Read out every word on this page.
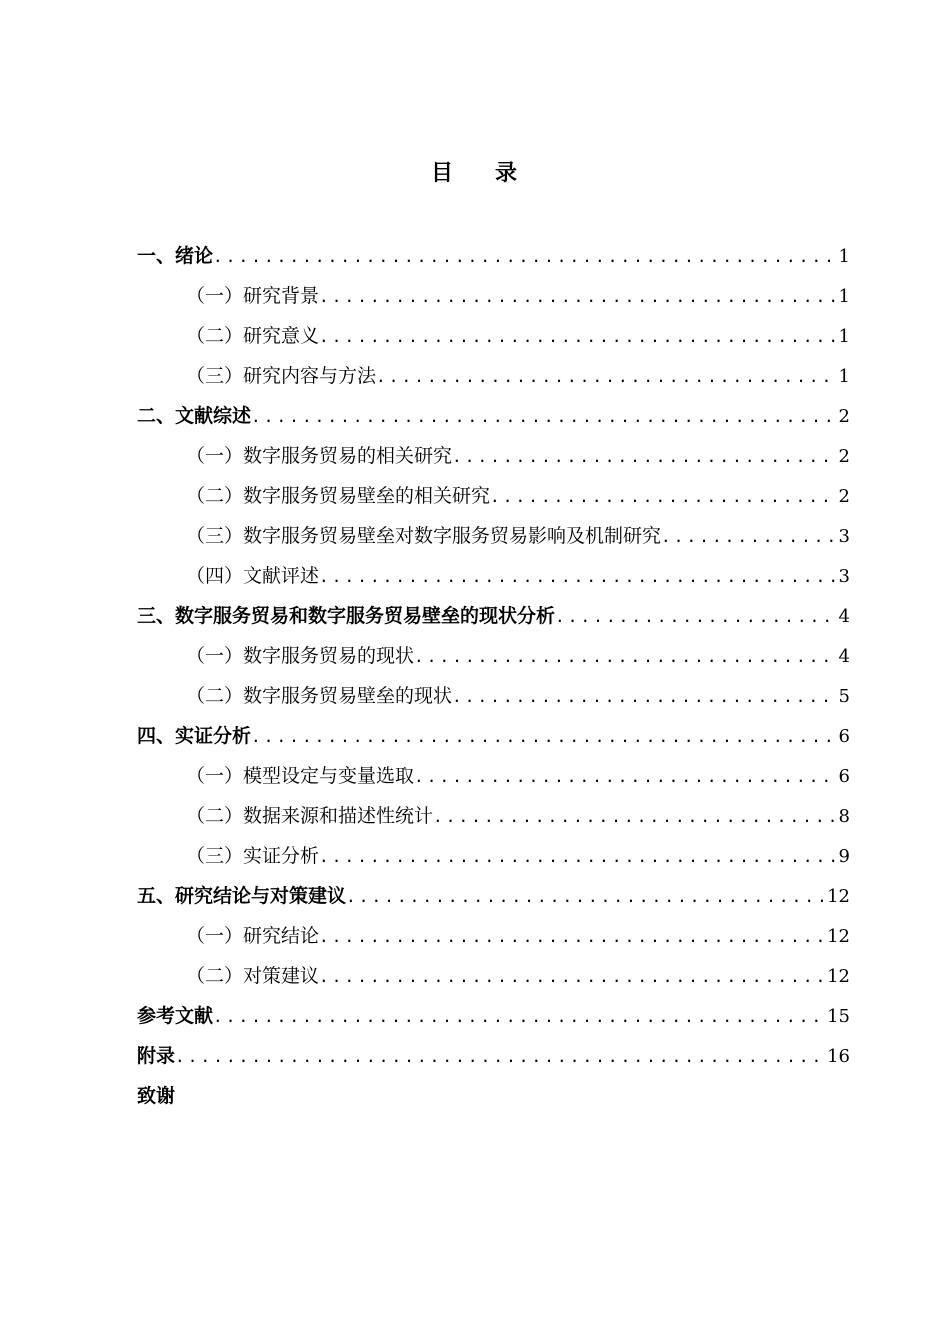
目 录
一、绪论 .....	1
（一）研究背景 .....	1
（二）研究意义 .....	1
（三）研究内容与方法 .....	1
二、文献综述 .....	2
（一）数字服务贸易的相关研究 .....	2
（二）数字服务贸易壁垒的相关研究 .....	2
（三）数字服务贸易壁垒对数字服务贸易影响及机制研究 .....	3
（四）文献评述 .....	3
三、数字服务贸易和数字服务贸易壁垒的现状分析 .....	4
（一）数字服务贸易的现状 .....	4
（二）数字服务贸易壁垒的现状 .....	5
四、实证分析 .....	6
（一）模型设定与变量选取 .....	6
（二）数据来源和描述性统计 .....	8
（三）实证分析 .....	9
五、研究结论与对策建议 .....	12
（一）研究结论 .....	12
（二）对策建议 .....	12
参考文献 .....	15
附录 .....	16
致谢
